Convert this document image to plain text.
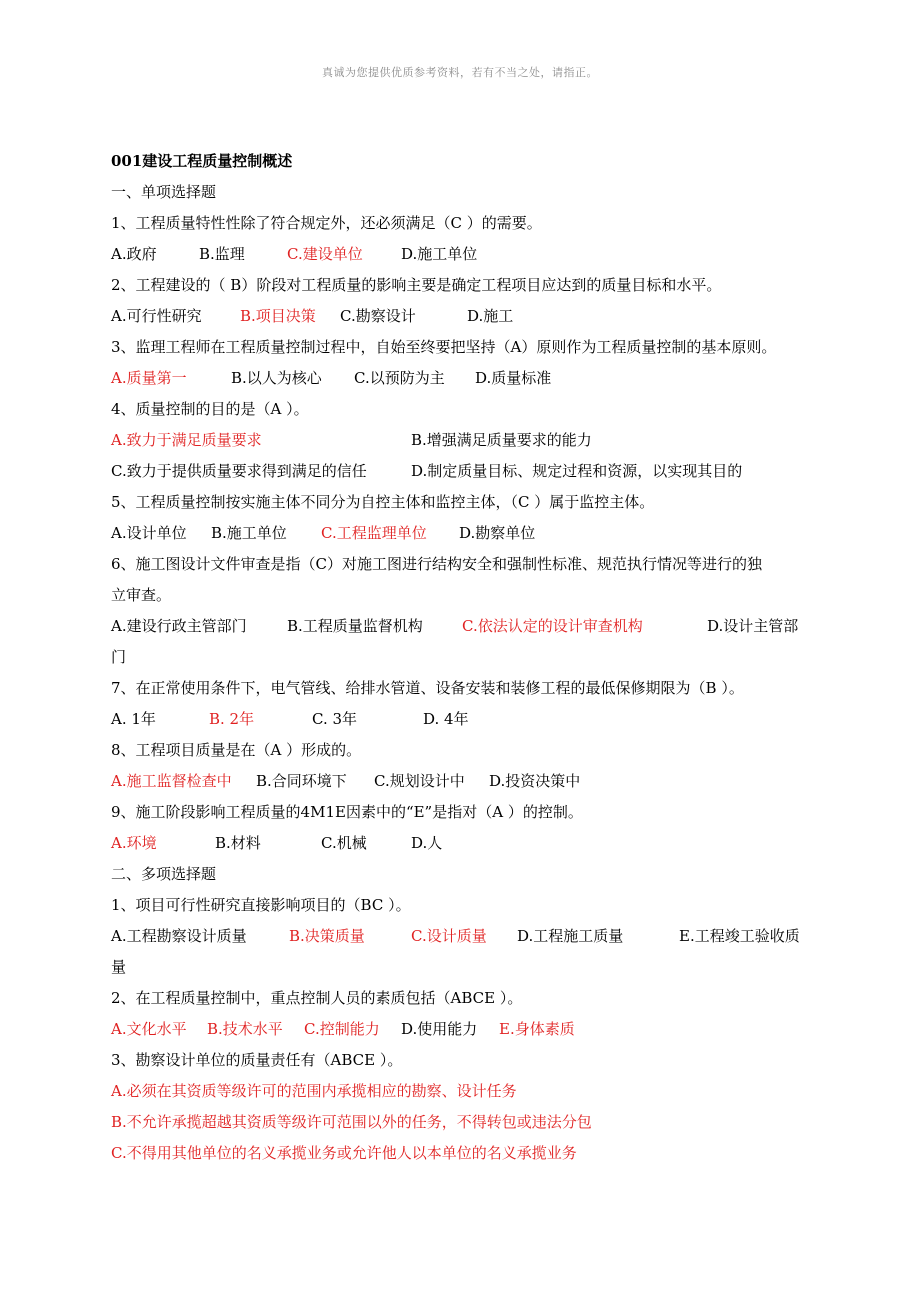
真诚为您提供优质参考资料，若有不当之处，请指正。
001建设工程质量控制概述
一、单项选择题
1、工程质量特性性除了符合规定外，还必须满足（C ）的需要。
A.政府	B.监理	C.建设单位	D.施工单位
2、工程建设的（ B）阶段对工程质量的影响主要是确定工程项目应达到的质量目标和水平。
A.可行性研究	B.项目决策 C.勘察设计	D.施工
3、监理工程师在工程质量控制过程中，自始至终要把坚持（A）原则作为工程质量控制的基本原则。
A.质量第一	B.以人为核心 C.以预防为主 D.质量标准
4、质量控制的目的是（A ）。
A.致力于满足质量要求	B.增强满足质量要求的能力
C.致力于提供质量要求得到满足的信任	D.制定质量目标、规定过程和资源，以实现其目的
5、工程质量控制按实施主体不同分为自控主体和监控主体，（C ）属于监控主体。
A.设计单位 B.施工单位 C.工程监理单位 D.勘察单位
6、施工图设计文件审查是指（C）对施工图进行结构安全和强制性标准、规范执行情况等进行的独
立审查。
A.建设行政主管部门	B.工程质量监督机构	C.依法认定的设计审查机构	D.设计主管部
门
7、在正常使用条件下，电气管线、给排水管道、设备安装和装修工程的最低保修期限为（B ）。
A. 1年	B. 2年	C. 3年	D. 4年
8、工程项目质量是在（A ）形成的。
A.施工监督检查中 B.合同环境下 C.规划设计中 D.投资决策中
9、施工阶段影响工程质量的4M1E因素中的“E”是指对（A ）的控制。
A.环境	B.材料	C.机械	D.人
二、多项选择题
1、项目可行性研究直接影响项目的（BC ）。
A.工程勘察设计质量	B.决策质量	C.设计质量 D.工程施工质量	E.工程竣工验收质
量
2、在工程质量控制中，重点控制人员的素质包括（ABCE ）。
A.文化水平 B.技术水平 C.控制能力 D.使用能力 E.身体素质
3、勘察设计单位的质量责任有（ABCE ）。
A.必须在其资质等级许可的范围内承揽相应的勘察、设计任务
B.不允许承揽超越其资质等级许可范围以外的任务，不得转包或违法分包
C.不得用其他单位的名义承揽业务或允许他人以本单位的名义承揽业务
